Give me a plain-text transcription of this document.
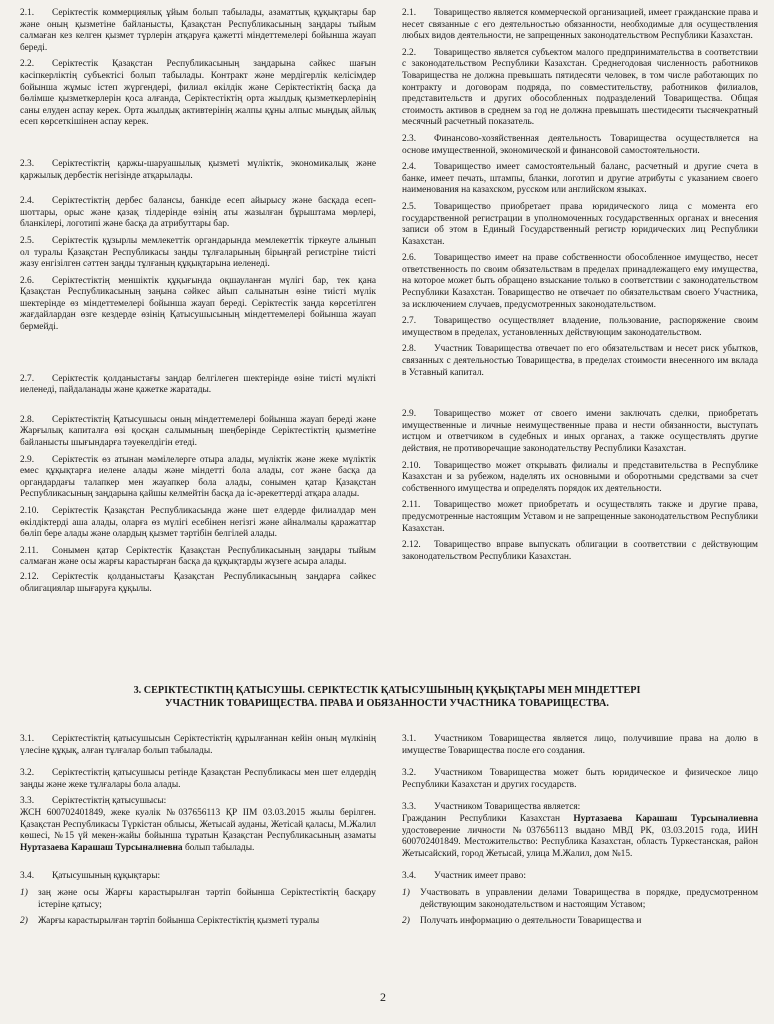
2.1. Серіктестік коммерциялық ұйым болып табылады, азаматтық құқықтары бар және оның қызметіне байланысты, Қазақстан Республикасының заңдары тыйым салмаған кез келген қызмет түрлерін атқаруға қажетті міндеттемелері бойынша жауап береді.

2.2. Серіктестік Қазақстан Республикасының заңдарына сәйкес шағын кәсіпкерліктің субъектісі болып табылады. Контракт және мердігерлік келісімдер бойынша жұмыс істеп жүргендері, филиал өкілдік және Серіктестіктің басқа да бөлімше қызметкерлерін қоса алғанда, Серіктестіктің орта жылдық қызметкерлерінің саны елуден аспау керек. Орта жылдық активтерінің жалпы құны алпыс мыңдық айлық есеп көрсеткішінен аспау керек.

2.3. Серіктестіктің қаржы-шаруашылық қызметі мүліктік, экономикалық және қаржылық дербестік негізінде атқарылады.

2.4. Серіктестіктің дербес балансы, банкіде есеп айырысу және басқада есеп-шоттары, орыс және қазақ тілдерінде өзінің аты жазылған бұрыштама мөрлері, бланкілері, логотипі және басқа да атрибуттары бар.

2.5. Серіктестік құзырлы мемлекеттік органдарында мемлекеттік тіркеуге алынып ол туралы Қазақстан Республикасы заңды тұлғаларының бірыңғай регистріне тиісті жазу енгізілген сәттен заңды тұлғаның құқықтарына иеленеді.

2.6. Серіктестіктің меншіктік құқығында оқшауланған мүлігі бар, тек қана Қазақстан Республикасының заңына сәйкес айып салынатын өзіне тиісті мүлік шектерінде өз міндеттемелері бойынша жауап береді. Серіктестік заңда көрсетілген жағдайлардан өзге кездерде өзінің Қатысушысының міндеттемелері бойынша жауап бермейді.

2.7. Серіктестік қолданыстағы заңдар белгілеген шектерінде өзіне тиісті мүлікті иеленеді, пайдаланады және қажетке жаратады.

2.8. Серіктестіктің Қатысушысы оның міндеттемелері бойынша жауап береді және Жарғылық капиталға өзі қосқан салымының шеңберінде Серіктестіктің қызметіне байланысты шығындарға тәуекелдігін етеді.

2.9. Серіктестік өз атынан мәмілелерге отыра алады, мүліктік және жеке мүліктік емес құқықтарға иелене алады және міндетті бола алады, сот және басқа да органдардағы талапкер мен жауапкер бола алады, сонымен қатар Қазақстан Республикасының заңдарына қайшы келмейтін басқа да іс-әрекеттерді атқара алады.

2.10. Серіктестік Қазақстан Республикасында және шет елдерде филиалдар мен өкілдіктерді аша алады, оларға өз мүлігі есебінен негізгі және айналмалы қаражаттар бөліп бере алады және олардың қызмет тәртібін белгілей алады.

2.11. Сонымен қатар Серіктестік Қазақстан Республикасының заңдары тыйым салмаған және осы жарғы карастырған басқа да құқықтарды жүзеге асыра алады.

2.12. Серіктестік қолданыстағы Қазақстан Республикасының заңдарға сәйкес облигациялар шығаруға құқылы.

2.1. Товарищество является коммерческой организацией, имеет гражданские права и несет связанные с его деятельностью обязанности, необходимые для осуществления любых видов деятельности, не запрещенных законодательством Республики Казахстан.

2.2. Товарищество является субъектом малого предпринимательства в соответствии с законодательством Республики Казахстан. Среднегодовая численность работников Товарищества не должна превышать пятидесяти человек, в том числе работающих по контракту и договорам подряда, по совместительству, работников филиалов, представительств и других обособленных подразделений Товарищества. Общая стоимость активов в среднем за год не должна превышать шестидесяти тысячекратный месячный расчетный показатель.

2.3. Финансово-хозяйственная деятельность Товарищества осуществляется на основе имущественной, экономической и финансовой самостоятельности.

2.4. Товарищество имеет самостоятельный баланс, расчетный и другие счета в банке, имеет печать, штампы, бланки, логотип и другие атрибуты с указанием своего наименования на казахском, русском или английском языках.

2.5. Товарищество приобретает права юридического лица с момента его государственной регистрации в уполномоченных государственных органах и внесения записи об этом в Единый Государственный регистр юридических лиц Республики Казахстан.

2.6. Товарищество имеет на праве собственности обособленное имущество, несет ответственность по своим обязательствам в пределах принадлежащего ему имущества, на которое может быть обращено взыскание только в соответствии с законодательством Республики Казахстан. Товарищество не отвечает по обязательствам своего Участника, за исключением случаев, предусмотренных законодательством.

2.7. Товарищество осуществляет владение, пользование, распоряжение своим имуществом в пределах, установленных действующим законодательством.

2.8. Участник Товарищества отвечает по его обязательствам и несет риск убытков, связанных с деятельностью Товарищества, в пределах стоимости внесенного им вклада в Уставный капитал.

2.9. Товарищество может от своего имени заключать сделки, приобретать имущественные и личные неимущественные права и нести обязанности, выступать истцом и ответчиком в судебных и иных органах, а также осуществлять другие действия, не противоречащие законодательству Республики Казахстан.

2.10. Товарищество может открывать филиалы и представительства в Республике Казахстан и за рубежом, наделять их основными и оборотными средствами за счет собственного имущества и определять порядок их деятельности.

2.11. Товарищество может приобретать и осуществлять также и другие права, предусмотренные настоящим Уставом и не запрещенные законодательством Республики Казахстан.

2.12. Товарищество вправе выпускать облигации в соответствии с действующим законодательством Республики Казахстан.

3. СЕРІКТЕСТІКТІҢ ҚАТЫСУШЫ. СЕРІКТЕСТІК ҚАТЫСУШЫНЫҢ ҚҰҚЫҚТАРЫ МЕН МІНДЕТТЕРІ
УЧАСТНИК ТОВАРИЩЕСТВА. ПРАВА И ОБЯЗАННОСТИ УЧАСТНИКА ТОВАРИЩЕСТВА.

3.1. Серіктестіктің қатысушысын Серіктестіктің құрылғаннан кейін оның мүлкінің үлесіне құқық, алған тұлғалар болып табылады.

3.2. Серіктестіктің қатысушысы ретінде Қазақстан Республикасы мен шет елдердің заңды және жеке тұлғалары бола алады.

3.3. Серіктестіктің қатысушысы:

ЖСН 600702401849, жеке куәлік №037656113 ҚР ІІМ 03.03.2015 жылы берілген. Қазақстан Республикасы Түркістан облысы, Жетысай ауданы, Жетісай қаласы, М.Жалил көшесі, №15 үй мекен-жайы бойынша тұратын Қазақстан Республикасының азаматы Нуртазаева Карашаш Турсыналиевна болып табылады.

3.4. Қатысушының құқықтары:

1) заң және осы Жарғы карастырылған тәртіп бойынша Серіктестіктің басқару істеріне қатысу;

2) Жарғы карастырылған тәртіп бойынша Серіктестіктің қызметі туралы

3.1. Участником Товарищества является лицо, получившие права на долю в имуществе Товарищества после его создания.

3.2. Участником Товарищества может быть юридическое и физическое лицо Республики Казахстан и других государств.

3.3. Участником Товарищества является:

Гражданин Республики Казахстан Нуртазаева Карашаш Турсыналиевна удостоверение личности №037656113 выдано МВД РК, 03.03.2015 года, ИИН 600702401849. Местожительство: Республика Казахстан, область Туркестанская, район Жетысайский, город Жетысай, улица М.Жалил, дом №15.

3.4. Участник имеет право:

1) Участвовать в управлении делами Товарищества в порядке, предусмотренном действующим законодательством и настоящим Уставом;

2) Получать информацию о деятельности Товарищества и

2
